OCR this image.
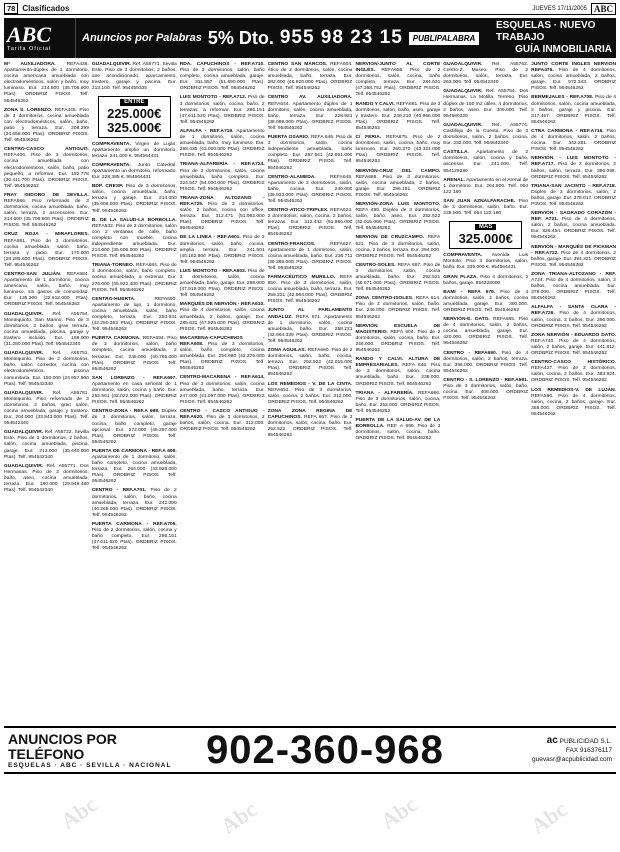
78 Clasificados	JUEVES 17/11/2005 ABC
ABC
Tarifa Oficial
Anuncios por Palabras 5% Dto. 955 98 23 15	PUBLIPALABRA
ESQUELAS · NUEVO TRABAJO
GUÍA INMOBILIARIA
Mª AUXILIADORA. REFA436. Apartamento-dúplex de 1 dormitorio, cocina americana amueblada con electrodomésticos, salón y baño, muy luminoso. Eur. 214.600 (35.706.600 Ptas). ORDBRIZ PISOS. Telf. 954546262
ZONA S. LORENZO. REFA445. Piso de 3 dormitorios, cocina amueblada con electrodomésticos, salón, baño, patio y terraza. Eur. 208.299 (34.658.000 Ptas). ORDBRIZ PISOS. Telf. 954546262
CENTRO-CASCO ANTIGUO. REFA406. Piso de 3 dormitorios, cocina amueblada con electrodomésticos, salón, baño, patio pequeño, a reformar. Eur. 182.778 (30.411.700 Ptas). ORDBRIZ PISOS. Telf. 954546262
FRAY ISIDORO DE SEVILLA. REFA566. Piso reformado de 3 dormitorios, cocina amueblada, baño, salón, terraza, 2 ascensores. Eur. 214.600 (35.706.600 Ptas). ORDBRIZ PISOS. Telf. 954546262
CRUZ ROJA - MIRAFLORES. REFA581. Piso de 3 dormitorios, cocina amueblada, salón, baño, terraza y patio. Eur. 170.000 (28.285.600 Ptas). ORDBRIZ PISOS. Telf. 954546262
CENTRO-SAN JULIÁN. REFA584. Apartamento de 1 dormitorio, cocina americana, salón, baño, muy luminoso, sin gastos de comunidad. Eur. 135.300 (22.512.000 Ptas). ORDBRIZ PISOS. Telf. 954546262
GUADALQUIVIR. Ref. A55754. Montequinto. San Marino. Piso de 3 dormitorios, 2 baños, gran terraza, cocina amueblada, piscina, garaje y trastero incluido. Eur. 188.000 (31.280.000 Ptas). Telf. 954542340
GUADALQUIVIR. Ref. A55751. Montequinto. Piso de 2 dormitorios, baño, salón comedor, cocina con electrodomésticos, piscina comunitaria. Eur. 150.000 (24.957.900 Ptas). Telf. 954542340
GUADALQUIVIR. Ref. A55781. Montequinto. Piso reformado de 3 dormitorios, 2 baños, gran salón, cocina amueblada, garaje y trastero. Eur. 204.000 (33.943.000 Ptas). Telf. 954542340
GUADALQUIVIR. Ref. A55722. Sevilla Este. Piso de 3 dormitorios, 2 baños, salón, cocina amueblada, piscina, garaje. Eur. 213.000 (35.440.000 Ptas). Telf. 954542340
GUADALQUIVIR. Ref. A55771. Dos Hermanas. Piso de 3 dormitorios, baño, aseo, cocina amueblada, terraza. Eur. 180.000 (29.949.480 Ptas). Telf. 954542340
GUADALQUIVIR. Ref. A55771. Sevilla Este. Piso de 3 dormitorios, 2 baños, aire acondicionado, aparcamiento, trastero, garaje y piscina. Eur. 213.100. Telf. 954459335
ENTRE
225.000€
325.000€
COMPRAVENTA. Virgen de Luján. Apartamento amplio un dormitorio, terraza. 241.000 €. 954564431
COMPRAVENTA. Junto Catedral. Apartamento un dormitorio, reformado. Eur. 228.385 €. 954564431
BDP. CRESP. Piso de 3 dormitorios, salón, cocina amueblada, baño, terraza y garaje. Eur. 214.000 (35.606.000 Ptas). ORDBRIZ PISOS. Telf. 954546262
B. DE LA SALUD-LA BORBOLLA. REFA532. Piso de 3 dormitorios, salón con 2 ventanas de calle, baño completo con mueble, cocina independiente amueblada. Eur. 214.000 (35.606.000 Ptas). ORDBRIZ PISOS. Telf. 954546262
TRIANA-TORNEO. REFA684. Piso de 3 dormitorios, salón, baño completo, cocina amueblada, a estrenar. Eur. 276.000 (45.922.400 Ptas). ORDBRIZ PISOS. Telf. 954546262
CENTRO-HUERTA.	REFA690. Apartamento de lujo, 1 dormitorio, cocina amueblada, salón, baño completo, terraza. Eur. 253.931 (42.250.363 Ptas). ORDBRIZ PISOS. Telf. 954546262
PUERTA CARMONA. REFA694. Piso de 2 dormitorios, salón, baño completo, cocina amueblada, 2 terrazas. Eur. 245.000 (40.765.000 Ptas). ORDBRIZ PISOS. Telf. 954546262
SAN LORENZO - REF.A697. Apartamento en casa señorial de 1 dormitorio, salón, cocina y baño. Eur. 252.561 (42.022.000 Ptas). ORDBRIZ PISOS. Telf. 954546262
CENTRO-ZONA - REF.A 698. Dúplex de 3 dormitorios, salón, terraza, cocina, baño completo, garaje opcional. Eur. 272.000 (45.257.000 Ptas). ORDBRIZ PISOS. Telf. 954546262
PUERTA DE CARMONA - REF.A 699. Apartamento de 1 dormitorio, salón, baño completo, cocina amueblada, terraza. Eur. 264.000 (43.926.000 Ptas). ORDBRIZ PISOS. Telf. 954546262
CENTRO - REF.A701. Piso de 2 dormitorios, salón, baño, cocina amueblada, terraza. Eur. 242.000 (40.265.000 Ptas). ORDBRIZ PISOS. Telf. 954546262
PUERTA CARMONA - REF.A705. Piso de 2 dormitorios, salón, cocina y baño completo. Eur. 286.151 (47.611.520 Ptas). ORDBRIZ PISOS. Telf. 954546262
RDA. CAPUCHINOS - REF.A710. Piso de 3 dormitorios, salón, baño completo, cocina amueblada, garaje. Eur. 311.857 (51.890.000 Ptas). ORDBRIZ PISOS. Telf. 954546262
LUIS MONTOTO - REF.A712. Piso de 3 dormitorios, salón, cocina, baño, 2 terrazas, a reformar. Eur. 286.151 (47.611.520 Ptas). ORDBRIZ PISOS. Telf. 954546262
ALFALFA - REF.A718. Apartamento de 1 dormitorio, salón, cocina amueblada, baño, muy luminoso. Eur. 258.435 (43.000.000 Ptas). ORDBRIZ PISOS. Telf. 954546262
TRIANA-ALFARERÍA - REF.A724. Piso de 3 dormitorios, salón, cocina amueblada, baño completo. Eur. 324.547 (54.000.000 Ptas). ORDBRIZ PISOS. Telf. 954546262
TRIANA-ZONA ALTOZANO - REF.A725. Piso de 3 dormitorios, salón, 2 baños, cocina con office, terraza. Eur. 312.471 (51.992.000 Ptas). ORDBRIZ PISOS. Telf. 954546262
DE LA LINEA - REF.A601. Piso de 2 dormitorios, salón, baño, cocina, amplia terraza. Eur. 241.501 (40.182.800 Ptas). ORDBRIZ PISOS. Telf. 954546262
LUIS MONTOTO - REF.A602. Piso de 3 dormitorios, salón, cocina amueblada, baño, garaje. Eur. 288.000 (47.919.000 Ptas). ORDBRIZ PISOS. Telf. 954546262
MARQUÉS DE NERVIÓN - REF.A610. Piso de 4 dormitorios, salón, cocina amueblada, 2 baños, garaje. Eur. 285.631 (47.525.000 Ptas). ORDBRIZ PISOS. Telf. 954546262
MACARENA-CAPUCHINOS - REF.A608. Piso de 3 dormitorios, salón, baño completo, cocina amueblada. Eur. 254.680 (42.375.000 Ptas). ORDBRIZ PISOS. Telf. 954546262
CENTRO-MACARENA - REF.A614. Piso de 3 dormitorios, salón, cocina amueblada, baño, terraza. Eur. 247.000 (41.097.000 Ptas). ORDBRIZ PISOS. Telf. 954546262
CENTRO - CASCO ANTIGUO - REF.A620. Piso de 3 dormitorios, 2 baños, salón, cocina. Eur. 312.000. ORDBRIZ PISOS. Telf. 954546262
CENTRO SAN MARCOS. REFA604. Ático de 2 dormitorios, salón, cocina amueblada, baño, terraza. Eur. 282.000 (46.920.000 Ptas). ORDBRIZ PISOS. Telf. 954546262
CENTRO AV. AUXILIADORA. REFA644. Apartamento dúplex de 1 dormitorio, salón, cocina amueblada, baño, terraza. Eur. 228.921 (38.089.000 Ptas). ORDBRIZ PISOS. Telf. 954546262
PUERTA OSARIO. REFA 646. Piso de 3 dormitorios, salón, cocina independiente amueblada, baño completo. Eur. 257.541 (42.851.000 Ptas). ORDBRIZ PISOS. Telf. 954546262
CENTRO-ALAMEDA.	REFA648. Apartamento de 2 dormitorios, salón, baño, cocina. Eur. 240.000 (39.933.000 Ptas). ORDBRIZ PISOS. Telf. 954546262
CENTRO-ATICO-TRIPLEX. REFA624. 2 dormitorios, salón, cocina, 2 baños, terrazas. Eur. 312.442 (51.986.000 Ptas). ORDBRIZ PISOS. Telf. 954546262
CENTRO-FRANCOS.	REFA627. Apartamento de 1 dormitorio, salón, cocina amueblada, baño. Eur. 236.711 (39.385.000 Ptas). ORDBRIZ PISOS. Telf. 954546262
FARMACÉUTICO MURILLO. REFA 650. Piso de 3 dormitorios, salón, cocina amueblada, baño, terraza. Eur. 258.221 (42.964.000 Ptas). ORDBRIZ PISOS. Telf. 954546262
JUNTO AL PARLAMENTO ANDALUZ. REFA 671. Apartamento de 1 dormitorio, salón, cocina amueblada, baño. Eur. 258.221 (42.964.339 Ptas). ORDBRIZ PISOS. Telf. 954546262
ZONA AGUILAS. REFA660. Piso de 2 dormitorios, salón, baño, cocina, terraza. Eur. 252.522 (42.015.000 Ptas). ORDBRIZ PISOS. Telf. 954546262
LOS REMEDIOS - V. DE LA CINTA. REFA651. Piso de 3 dormitorios, salón, cocina, 2 baños. Eur. 312.000. ORDBRIZ PISOS. Telf. 954546262
ZONA ZONA REGINA DE CAPUCHINOS. REFA 667. Piso de 3 dormitorios, salón, cocina, baño. Eur. 252.522. ORDBRIZ PISOS. Telf. 954546262
NERVIÓN-JUNTO AL CORTE INGLÉS. REFA658. Piso de 2 dormitorios, salón, cocina, baño completo, terraza. Eur. 284.631 (47.358.752 Ptas). ORDBRIZ PISOS. Telf. 954546262
RANDO Y CALVI. REFA661. Piso de 3 dormitorios, salón, baño, aseo, garaje y trastero. Eur. 248.210 (40.966.000 Ptas). ORDBRIZ PISOS. Telf. 954546262
C/ FERIA. REFA675. Piso de 2 dormitorios, salón, cocina, baño, muy luminoso. Eur. 260.370 (43.321.000 Ptas). ORDBRIZ PISOS. Telf. 954546262
NERVIÓN-CRUZ DEL CAMPO. REFA686. Piso de 3 dormitorios, salón, cocina amueblada, 2 baños, garaje. Eur. 286.151. ORDBRIZ PISOS. Telf. 954546262
NERVIÓN-ZONA LUIS MONTOTO. REFA 499. Dúplex de 3 dormitorios, salón, baño, aseo. Eur. 252.522 (42.015.000 Ptas). ORDBRIZ PISOS. Telf. 954546262
NERVIÓN DE CRUZCAMPO. REFA 621. Piso de 3 dormitorios, salón, cocina, 2 baños, terraza. Eur. 294.000. ORDBRIZ PISOS. Telf. 954546262
CENTRO-SOLES. REFA 697. Piso de 3 dormitorios, salón, cocina amueblada, baño. Eur. 292.521 (48.671.000 Ptas). ORDBRIZ PISOS. Telf. 954546262
ZONA CENTRO-ISOLES. REFA 614. Piso de 3 dormitorios, salón, baño. Eur. 246.000. ORDBRIZ PISOS. Telf. 954546262
NERVIÓN ESCUELA DE MAGISTERIO. REFA 604. Piso de 2 dormitorios, salón, cocina, baño. Eur. 246.000. ORDBRIZ PISOS. Telf. 954546262
RANDO Y CALVI. ALTURA DE EMPRESARIALES. REFA 646. Piso de 3 dormitorios, salón, cocina amueblada, baño. Eur. 239.000. ORDBRIZ PISOS. Telf. 954546262
TRIANA - ALFARERÍA. REFA666. Piso de 3 dormitorios, salón, cocina, baño. Eur. 252.000. ORDBRIZ PISOS. Telf. 954546262
PUERTA DE LA SALUD-AV. DE LA BORBOLLA. REF. A 699. Piso de 3 dormitorios, salón, cocina, baño. ORDBRIZ PISOS. Telf. 954546262
GUADALQUIVIR. Ref. A55762. Centro-Z. Museo. Piso de 2 dormitorios, salón, terraza. Eur. 263.000. Telf. 954542340
GUADALQUIVIR. Ref. A55754. Dos Hermanas. La Motilla. Terreno. Piso dúplex de 150 m2 útiles, 4 dormitorios, 2 baños, aseo. Eur. 309.000. Telf. 954580220
GUADALQUIVIR. Ref. A55774. Castilleja de la Cuesta. Piso de 3 dormitorios, salón, 2 baños, cocina. Eur. 232.000. Telf. 954542340
CASTILLA. Apartamento de 2 dormitorios, salón, cocina y baño, ascensor. Eur. 241.000. Telf. 954129280
ARENAL. Apartamento en el Arenal de 1 dormitorio. Eur. 264.800. Telf. 954 122 180
SAN JUAN AZNALFARACHE. Piso de 3 dormitorios, salón, baño. Eur. 238.500. Telf. 954 122 180
MÁS
325.000€
COMPRAVENTA. Avenida Luis Montoto. Piso 3 dormitorios, salón, baño. Eur. 339.000 €. 954564431
GRAN PLAZA. Piso 4 dormitorios, 2 baños, garaje. 954228000
BAMI - REFA 679. Piso de 4 dormitorios, salón, 2 baños, cocina amueblada, garaje. Eur. 390.000. ORDBRIZ PISOS. Telf. 954546262
NERVIÓN-E. DATO. REFA685. Piso de 4 dormitorios, salón, 2 baños, cocina amueblada, garaje. Eur. 420.000. ORDBRIZ PISOS. Telf. 954546262
CENTRO - REFA690. Piso de 4 dormitorios, salón, 2 baños, terraza. Eur. 396.000. ORDBRIZ PISOS. Telf. 954546262
CENTRO - S. LORENZO - REF.A681. Piso de 3 dormitorios, salón, baño, cocina. Eur. 408.000. ORDBRIZ PISOS. Telf. 954546262
JUNTO CORTE INGLÉS NERVIÓN REFA476. Piso de 4 dormitorios, salón, cocina amueblada, 2 baños, garaje. Eur. 572.343. ORDBRIZ PISOS. Telf. 954546262
BERMEJALES - REF.A708. Piso de 4 dormitorios, salón, cocina amueblada, 2 baños, garaje y piscina. Eur. 317.457. ORDBRIZ PISOS. Telf. 954546262
CTRA CARMONA - REF.A716. Piso de 4 dormitorios, salón, 2 baños, cocina. Eur. 342.281. ORDBRIZ PISOS. Telf. 954546262
NERVIÓN - LUIS MONTOTO - REF.A717. Piso de 3 dormitorios, 2 baños, salón, terraza. Eur. 396.098. ORDBRIZ PISOS. Telf. 954546262
TRIANA-SAN JACINTO - REF.A718. Dúplex de 3 dormitorios, salón, 2 baños, garaje. Eur. 375.017. ORDBRIZ PISOS. Telf. 954546262
NERVIÓN - SAGRADO CORAZÓN - REF. A721. Piso de 4 dormitorios, salón, 2 baños, cocina amueblada. Eur. 826.454. ORDBRIZ PISOS. Telf. 954546262
NERVIÓN - MARQUÉS DE PICKMAN - REF.A722. Piso de 4 dormitorios, 2 baños, garaje. Eur. 394.321. ORDBRIZ PISOS. Telf. 954546262
ZONA TRIANA-ALTOZANO - REF. A724. Piso de 4 dormitorios, salón, 2 baños, cocina amueblada. Eur. 378.000. ORDBRIZ PISOS. Telf. 954546262
ALFALFA - SANTA CLARA - REF.A726. Piso de 4 dormitorios, salón, cocina, 2 baños. Eur. 396.000. ORDBRIZ PISOS. Telf. 954546262
ZONA NERVIÓN - EDUARDO DATO. REF.A740. Piso de 4 dormitorios, salón, 2 baños, garaje. Eur. 441.812. ORDBRIZ PISOS. Telf. 954546262
CENTRO-CASCO HISTÓRICO. REFA427. Piso de 3 dormitorios, salón, cocina, 2 baños. Eur. 383.924. ORDBRIZ PISOS. Telf. 954546262
LOS REMEDIOS-V. DE LUJÁN. REFA590. Piso de 4 dormitorios, salón, cocina, 2 baños, garaje. Eur. 358.000. ORDBRIZ PISOS. Telf. 954546262
ANUNCIOS POR TELÉFONO
ESQUELAS · ABC · SEVILLA · NACIONAL 902-360-968	ac PUBLICIDAD S.L.
FAX 916376117
guevasr@acpublicidad.com
Abc	Abc	Abc	Abc
